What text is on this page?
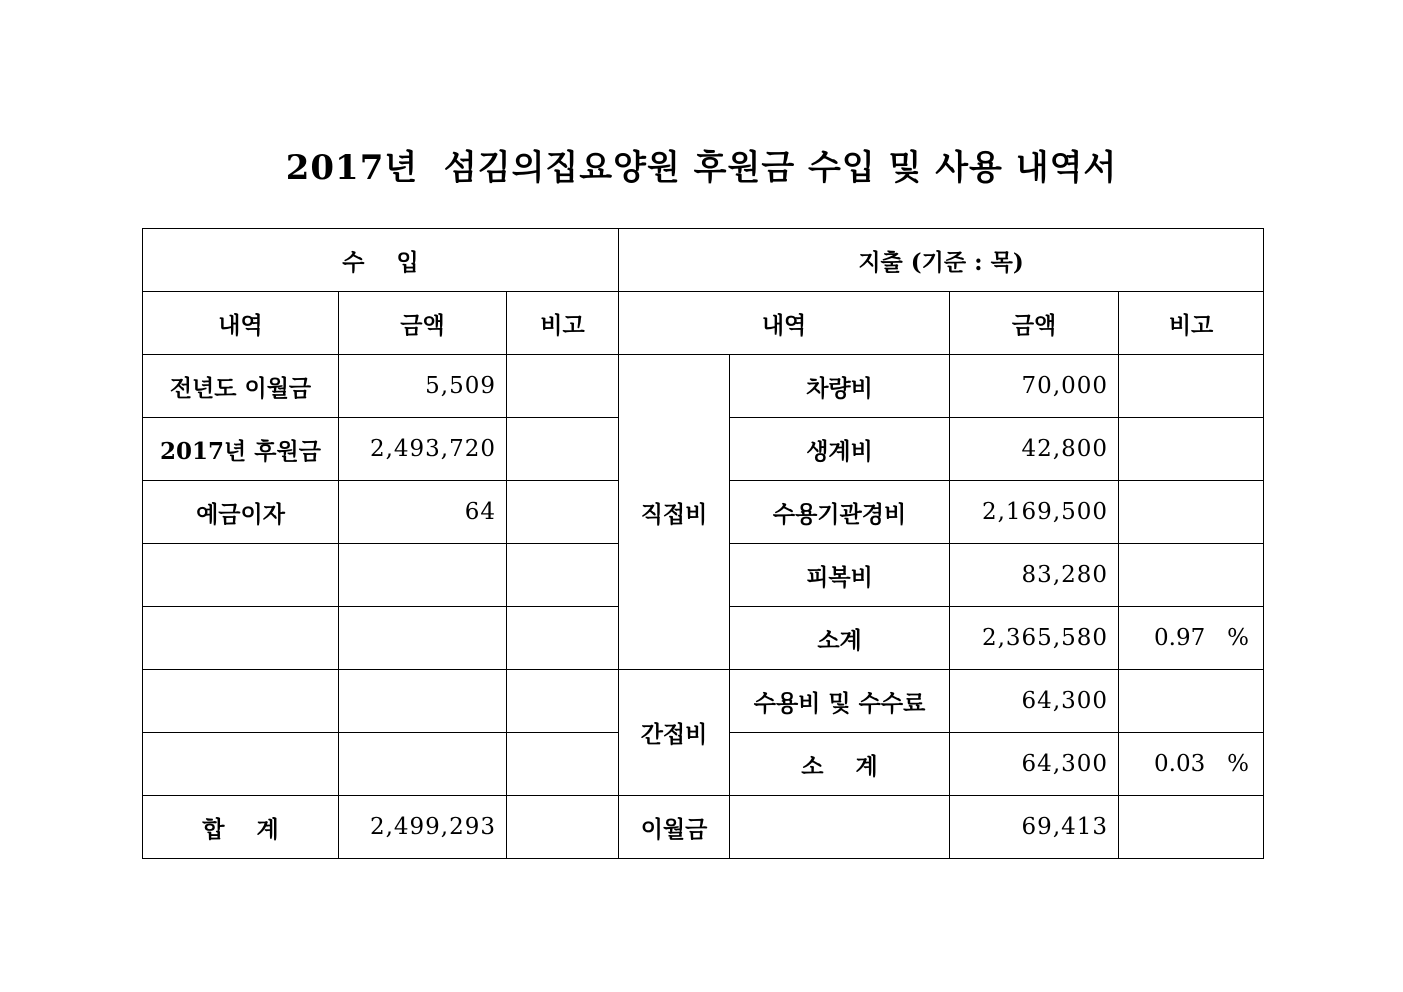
2017년  섬김의집요양원 후원금 수입 및 사용 내역서
수    입			지출 (기준 : 목)			
내역	금액	비고	내역		금액	비고
전년도 이월금	5,509		직접비	차량비	70,000	
2017년 후원금	2,493,720			생계비	42,800	
예금이자	64			수용기관경비	2,169,500	
				피복비	83,280	
				소계	2,365,580	0.97   %
			간접비	수용비 및 수수료	64,300	
				소    계	64,300	0.03   %
합    계	2,499,293		이월금		69,413	
